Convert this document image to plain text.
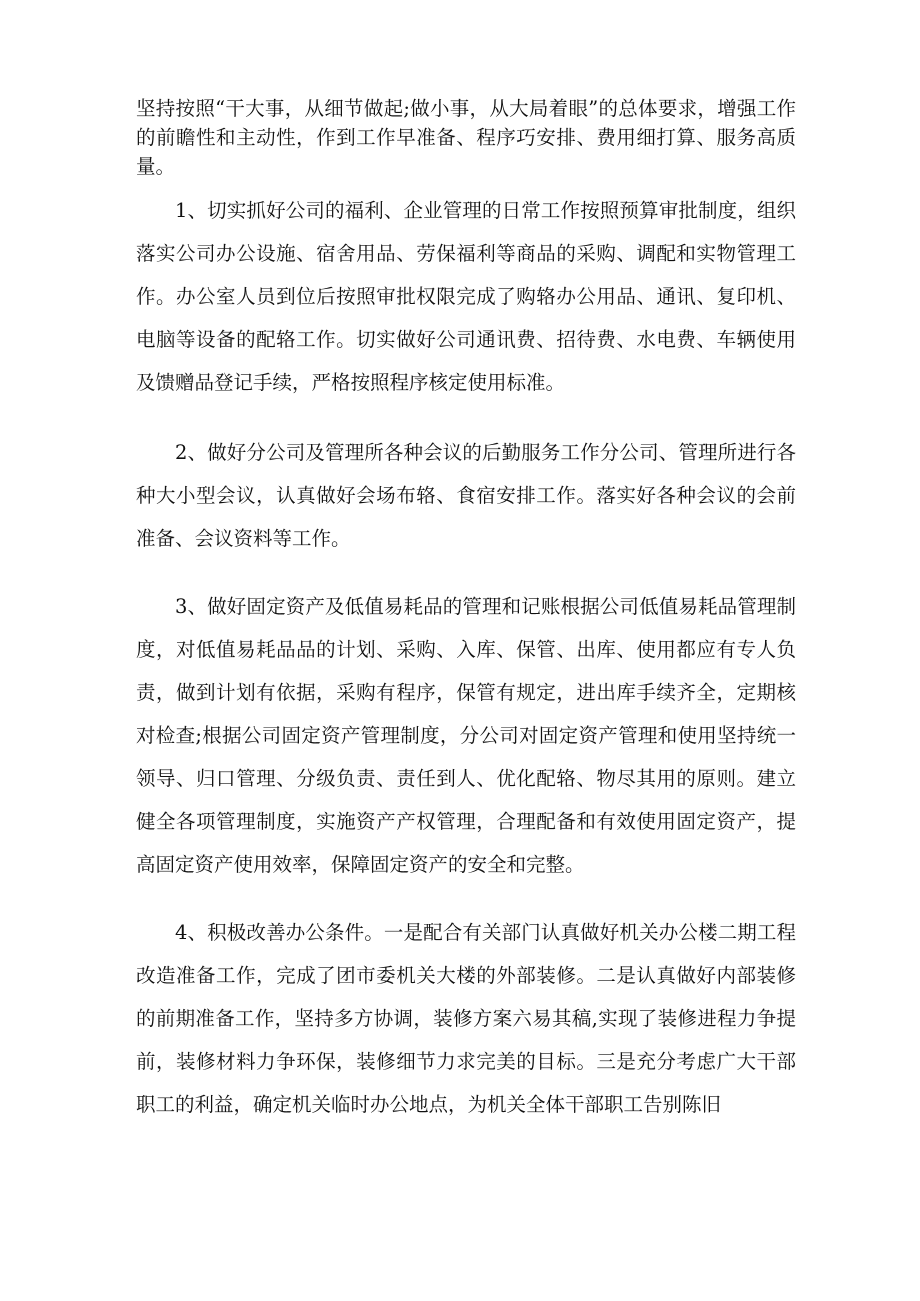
坚持按照“干大事，从细节做起;做小事，从大局着眼”的总体要求，增强工作的前瞻性和主动性，作到工作早准备、程序巧安排、费用细打算、服务高质量。

1、切实抓好公司的福利、企业管理的日常工作按照预算审批制度，组织落实公司办公设施、宿舍用品、劳保福利等商品的采购、调配和实物管理工作。办公室人员到位后按照审批权限完成了购辂办公用品、通讯、复印机、电脑等设备的配辂工作。切实做好公司通讯费、招待费、水电费、车辆使用及馈赠品登记手续，严格按照程序核定使用标准。

2、做好分公司及管理所各种会议的后勤服务工作分公司、管理所进行各种大小型会议，认真做好会场布辂、食宿安排工作。落实好各种会议的会前准备、会议资料等工作。

3、做好固定资产及低值易耗品的管理和记账根据公司低值易耗品管理制度，对低值易耗品品的计划、采购、入库、保管、出库、使用都应有专人负责，做到计划有依据，采购有程序，保管有规定，进出库手续齐全，定期核对检查;根据公司固定资产管理制度，分公司对固定资产管理和使用坚持统一领导、归口管理、分级负责、责任到人、优化配辂、物尽其用的原则。建立健全各项管理制度，实施资产产权管理，合理配备和有效使用固定资产，提高固定资产使用效率，保障固定资产的安全和完整。

4、积极改善办公条件。一是配合有关部门认真做好机关办公楼二期工程改造准备工作，完成了团市委机关大楼的外部装修。二是认真做好内部装修的前期准备工作，坚持多方协调，装修方案六易其稿,实现了装修进程力争提前，装修材料力争环保，装修细节力求完美的目标。三是充分考虑广大干部职工的利益，确定机关临时办公地点，为机关全体干部职工告别陈旧
